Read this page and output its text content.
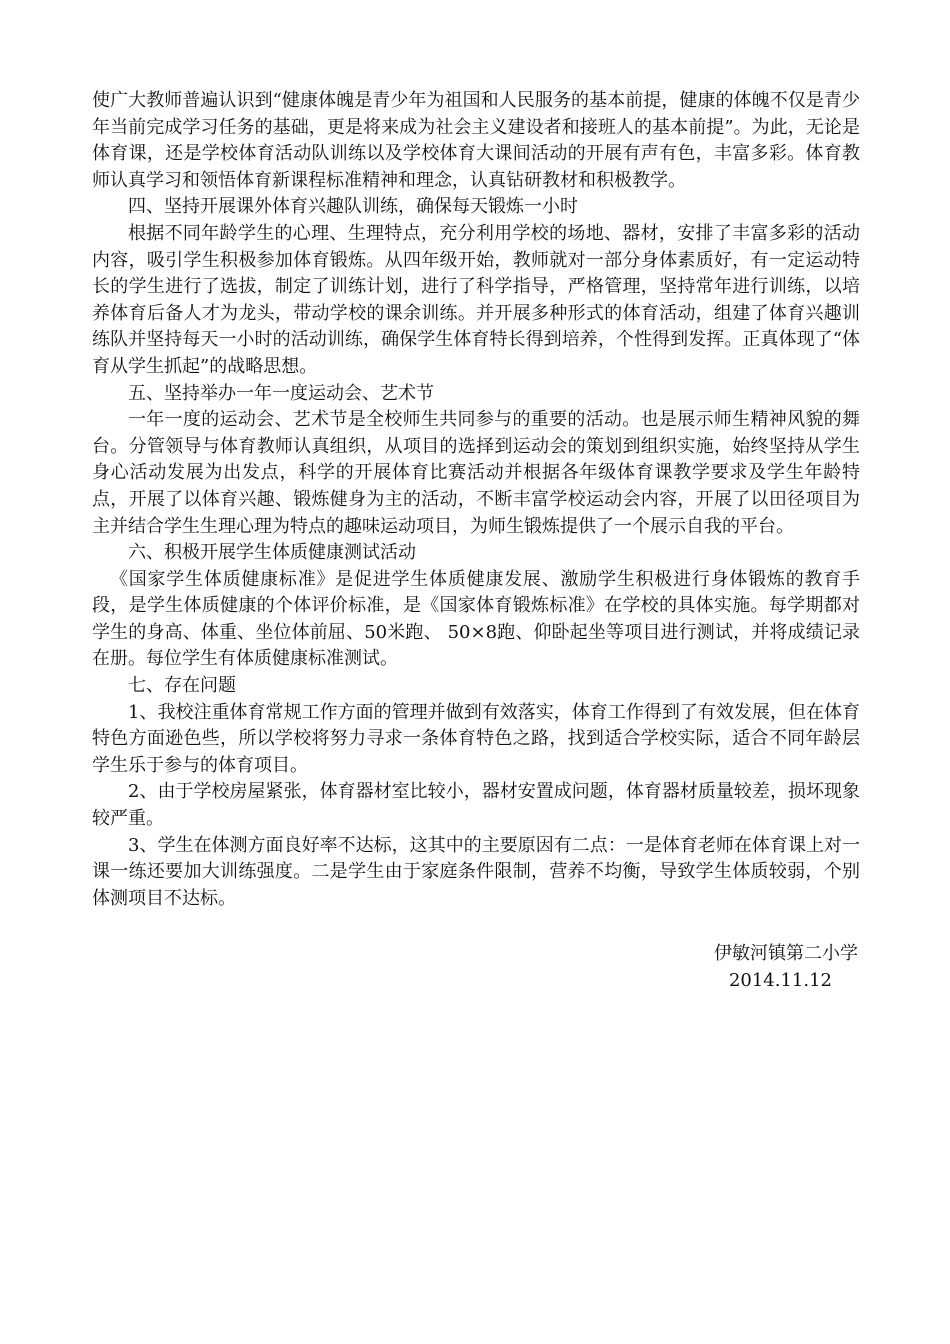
使广大教师普遍认识到“健康体魄是青少年为祖国和人民服务的基本前提，健康的体魄不仅是青少年当前完成学习任务的基础，更是将来成为社会主义建设者和接班人的基本前提”。为此，无论是体育课，还是学校体育活动队训练以及学校体育大课间活动的开展有声有色，丰富多彩。体育教师认真学习和领悟体育新课程标准精神和理念，认真钻研教材和积极教学。

四、坚持开展课外体育兴趣队训练，确保每天锻炼一小时

根据不同年龄学生的心理、生理特点，充分利用学校的场地、器材，安排了丰富多彩的活动内容，吸引学生积极参加体育锻炼。从四年级开始，教师就对一部分身体素质好，有一定运动特长的学生进行了选拔，制定了训练计划，进行了科学指导，严格管理，坚持常年进行训练，以培养体育后备人才为龙头，带动学校的课余训练。并开展多种形式的体育活动，组建了体育兴趣训练队并坚持每天一小时的活动训练，确保学生体育特长得到培养，个性得到发挥。正真体现了“体育从学生抓起”的战略思想。

五、坚持举办一年一度运动会、艺术节

一年一度的运动会、艺术节是全校师生共同参与的重要的活动。也是展示师生精神风貌的舞台。分管领导与体育教师认真组织，从项目的选择到运动会的策划到组织实施，始终坚持从学生身心活动发展为出发点，科学的开展体育比赛活动并根据各年级体育课教学要求及学生年龄特点，开展了以体育兴趣、锻炼健身为主的活动，不断丰富学校运动会内容，开展了以田径项目为主并结合学生生理心理为特点的趣味运动项目，为师生锻炼提供了一个展示自我的平台。

六、积极开展学生体质健康测试活动

《国家学生体质健康标准》是促进学生体质健康发展、激励学生积极进行身体锻炼的教育手段，是学生体质健康的个体评价标准，是《国家体育锻炼标准》在学校的具体实施。每学期都对学生的身高、体重、坐位体前屈、50米跑、 50×8跑、仰卧起坐等项目进行测试，并将成绩记录在册。每位学生有体质健康标准测试。

七、存在问题

1、我校注重体育常规工作方面的管理并做到有效落实，体育工作得到了有效发展，但在体育特色方面逊色些，所以学校将努力寻求一条体育特色之路，找到适合学校实际，适合不同年龄层学生乐于参与的体育项目。

2、由于学校房屋紧张，体育器材室比较小，器材安置成问题，体育器材质量较差，损坏现象较严重。

3、学生在体测方面良好率不达标，这其中的主要原因有二点：一是体育老师在体育课上对一课一练还要加大训练强度。二是学生由于家庭条件限制，营养不均衡，导致学生体质较弱，个别体测项目不达标。

伊敏河镇第二小学
2014.11.12
